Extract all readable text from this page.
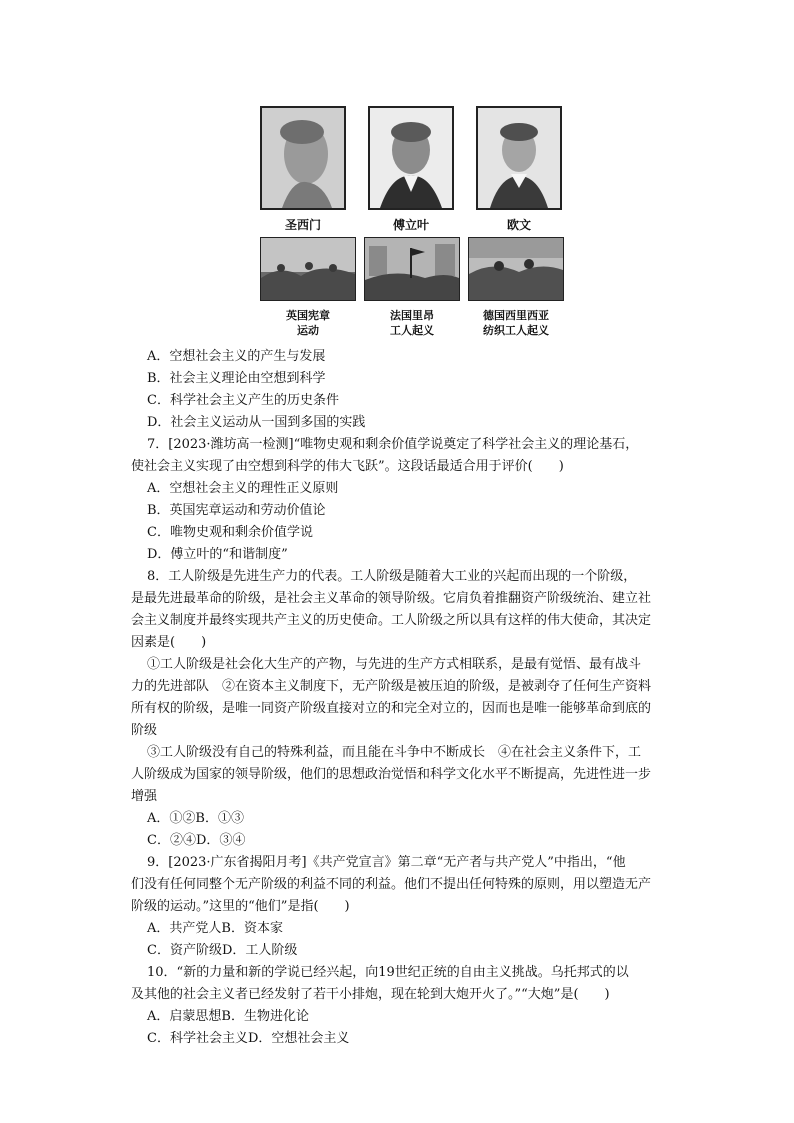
圣西门	傅立叶	欧文
英国宪章
运动
法国里昂
工人起义
德国西里西亚
纺织工人起义
A．空想社会主义的产生与发展
B．社会主义理论由空想到科学
C．科学社会主义产生的历史条件
D．社会主义运动从一国到多国的实践
7．[2023·潍坊高一检测]“唯物史观和剩余价值学说奠定了科学社会主义的理论基石，
使社会主义实现了由空想到科学的伟大飞跃”。这段话最适合用于评价(　　)
A．空想社会主义的理性正义原则
B．英国宪章运动和劳动价值论
C．唯物史观和剩余价值学说
D．傅立叶的“和谐制度”
8．工人阶级是先进生产力的代表。工人阶级是随着大工业的兴起而出现的一个阶级，
是最先进最革命的阶级，是社会主义革命的领导阶级。它肩负着推翻资产阶级统治、建立社
会主义制度并最终实现共产主义的历史使命。工人阶级之所以具有这样的伟大使命，其决定
因素是(　　)
①工人阶级是社会化大生产的产物，与先进的生产方式相联系，是最有觉悟、最有战斗
力的先进部队　②在资本主义制度下，无产阶级是被压迫的阶级，是被剥夺了任何生产资料
所有权的阶级，是唯一同资产阶级直接对立的和完全对立的，因而也是唯一能够革命到底的
阶级
③工人阶级没有自己的特殊利益，而且能在斗争中不断成长　④在社会主义条件下，工
人阶级成为国家的领导阶级，他们的思想政治觉悟和科学文化水平不断提高，先进性进一步
增强
A．①②B．①③
C．②④D．③④
9．[2023·广东省揭阳月考]《共产党宣言》第二章“无产者与共产党人”中指出，“他
们没有任何同整个无产阶级的利益不同的利益。他们不提出任何特殊的原则，用以塑造无产
阶级的运动。”这里的“他们”是指(　　)
A．共产党人B．资本家
C．资产阶级D．工人阶级
10．“新的力量和新的学说已经兴起，向19世纪正统的自由主义挑战。乌托邦式的以
及其他的社会主义者已经发射了若干小排炮，现在轮到大炮开火了。”“大炮”是(　　)
A．启蒙思想B．生物进化论
C．科学社会主义D．空想社会主义
